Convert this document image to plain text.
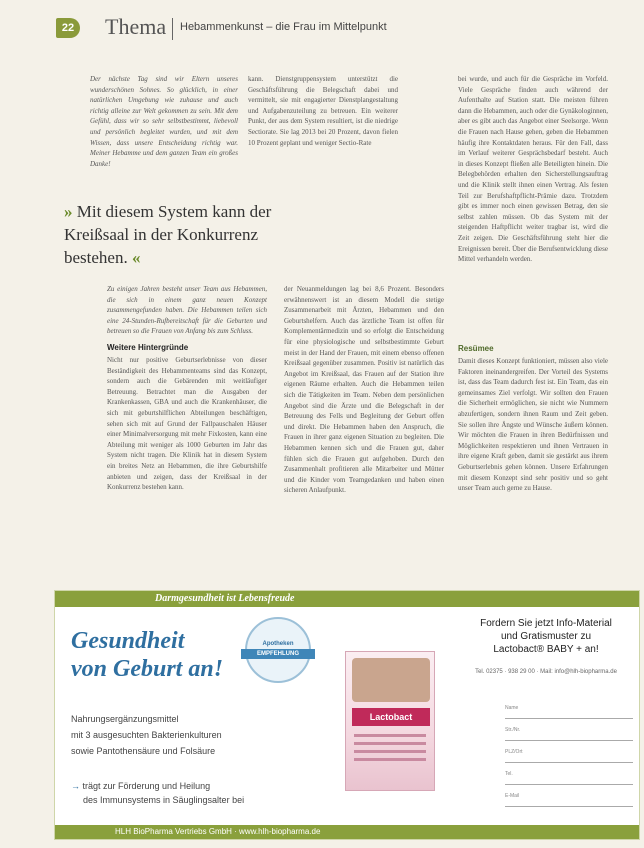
22 Thema Hebammenkunst – die Frau im Mittelpunkt
Der nächste Tag sind wir Eltern unseres wunderschönen Sohnes. So glücklich, in einer natürlichen Umgebung wie zuhause und auch richtig alleine zur Welt gekommen zu sein. Mit dem Gefühl, dass wir so sehr selbstbestimmt, liebevoll und persönlich begleitet wurden, und mit dem Wissen, dass unsere Entscheidung richtig war. Meiner Hebamme und dem ganzen Team ein großes Danke!
kann. Dienstgruppensystem unterstützt die Geschäftsführung die Belegschaft dabei und vermittelt, sie mit engagierter Dienstplangestaltung und Aufgabenzuteilung zu betreuen. Ein weiterer Punkt, der aus dem System resultiert, ist die niedrige Sectiorate. Sie lag 2013 bei 20 Prozent, davon fielen 10 Prozent geplant und weniger Sectio-Rate
bei wurde, und auch für die Gespräche im Vorfeld. Viele Gespräche finden auch während der Aufenthalte auf Station statt. Die meisten führen dann die Hebammen, auch oder die Gynäkologinnen, aber es gibt auch das Angebot einer Seelsorge. Wenn die Frauen nach Hause gehen, geben die Hebammen häufig ihre Kontaktdaten heraus. Für den Fall, dass im Verlauf weiterer Gesprächsbedarf besteht. Auch in dieses Konzept fließen alle Beteiligten hinein. Die Belegbehörden erhalten den Sicherstellungsauftrag und die Klinik stellt ihnen einen Vertrag. Als festen Teil zur Berufshaftpflicht-Prämie dazu. Trotzdem gibt es immer noch einen gewissen Betrag, den sie selbst zahlen müssen. Ob das System mit der steigenden Haftpflicht weiter tragbar ist, wird die Zeit zeigen. Die Geschäftsführung steht hier die Ereignissen bereit. Über die Berufsentwicklung diese Mittel verhandeln werden.
» Mit diesem System kann der Kreißsaal in der Konkurrenz bestehen. «

Zu einigen Jahren besteht unser Team aus Hebammen, die sich in einem ganz neuen Konzept zusammengefunden haben. Die Hebammen teilen sich eine 24-Stunden-Rufbereitschaft für die Geburten und betreuen so die Frauen von Anfang bis zum Schluss.

Weitere Hintergründe

Nicht nur positive Geburtserlebnisse von dieser Beständigkeit des Hebammenteams sind das Konzept, sondern auch die Gebärenden mit weitläufiger Betreuung. Betrachtet man die Ausgaben der Krankenkassen, GBA und auch die Krankenhäuser, die sich mit geburtshilflichen Abteilungen beschäftigen, sehen sich mit auf Grund der Fallpauschalen Häuser einer Minimalversorgung mit mehr Fixkosten, kann eine Abteilung mit weniger als 1000 Geburten im Jahr das System nicht tragen. Die Klinik hat in diesem System ein breites Netz an Hebammen, die ihre Geburtshilfe anbieten und zeigen, dass der Kreißsaal in der Konkurrenz bestehen kann.

der Neuanmeldungen lag bei 8,6 Prozent. Besonders erwähnenswert ist an diesem Modell die stetige Zusammenarbeit mit Ärzten, Hebammen und den Geburtshelfern. Auch das ärztliche Team ist offen für Komplementärmedizin und so erfolgt die Entscheidung für eine physiologische und selbstbestimmte Geburt meist in der Hand der Frauen, mit einem ebenso offenen Kreißsaal gegenüber zusammen. Positiv ist natürlich das Angebot im Kreißsaal, das Frauen auf der Station ihre eigenen Räume erhalten. Auch die Hebammen teilen sich die Tätigkeiten im Team. Neben dem persönlichen Angebot sind die Ärzte und die Belegschaft in der Betreuung des Fells und Begleitung der Geburt offen und direkt. Die Hebammen haben den Anspruch, die Frauen in ihrer ganz eigenen Situation zu begleiten. Die Hebammen kennen sich und die Frauen gut, daher fühlen sich die Frauen gut aufgehoben. Durch den Zusammenhalt profitieren alle Mitarbeiter und Mütter und die Kinder vom Teamgedanken und haben einen sicheren Anlaufpunkt.
Resümee

Damit dieses Konzept funktioniert, müssen also viele Faktoren ineinandergreifen. Der Vorteil des Systems ist, dass das Team dadurch fest ist. Ein Team, das ein gemeinsames Ziel verfolgt. Wir sollten den Frauen die Sicherheit ermöglichen, sie nicht wie Nummern abzufertigen, sondern ihnen Raum und Zeit geben. Sie sollen ihre Ängste und Wünsche äußern können. Wir möchten die Frauen in ihren Bedürfnissen und Möglichkeiten respektieren und ihnen Vertrauen in ihre eigene Kraft geben, damit sie gestärkt aus ihrem Geburtserlebnis gehen können. Unsere Erfahrungen mit diesem Konzept sind sehr positiv und so geht unser Team auch gerne zu Hause.

Darmgesundheit ist Lebensfreude
Gesundheit
von Geburt an!
Apotheken
EMPFEHLUNG
Lactobact
Nahrungsergänzungsmittel
mit 3 ausgesuchten Bakterienkulturen
sowie Pantothensäure und Folsäure
→ trägt zur Förderung und Heilung
des Immunsystems in Säuglingsalter bei
Fordern Sie jetzt Info-Material
und Gratismuster zu
Lactobact® BABY + an!
Tel. 02375 · 938 29 00 · Mail: info@hlh-biopharma.de
Name
Str./Nr.
PLZ/Ort
Tel.
E-Mail
HLH BioPharma Vertriebs GmbH · www.hlh-biopharma.de
